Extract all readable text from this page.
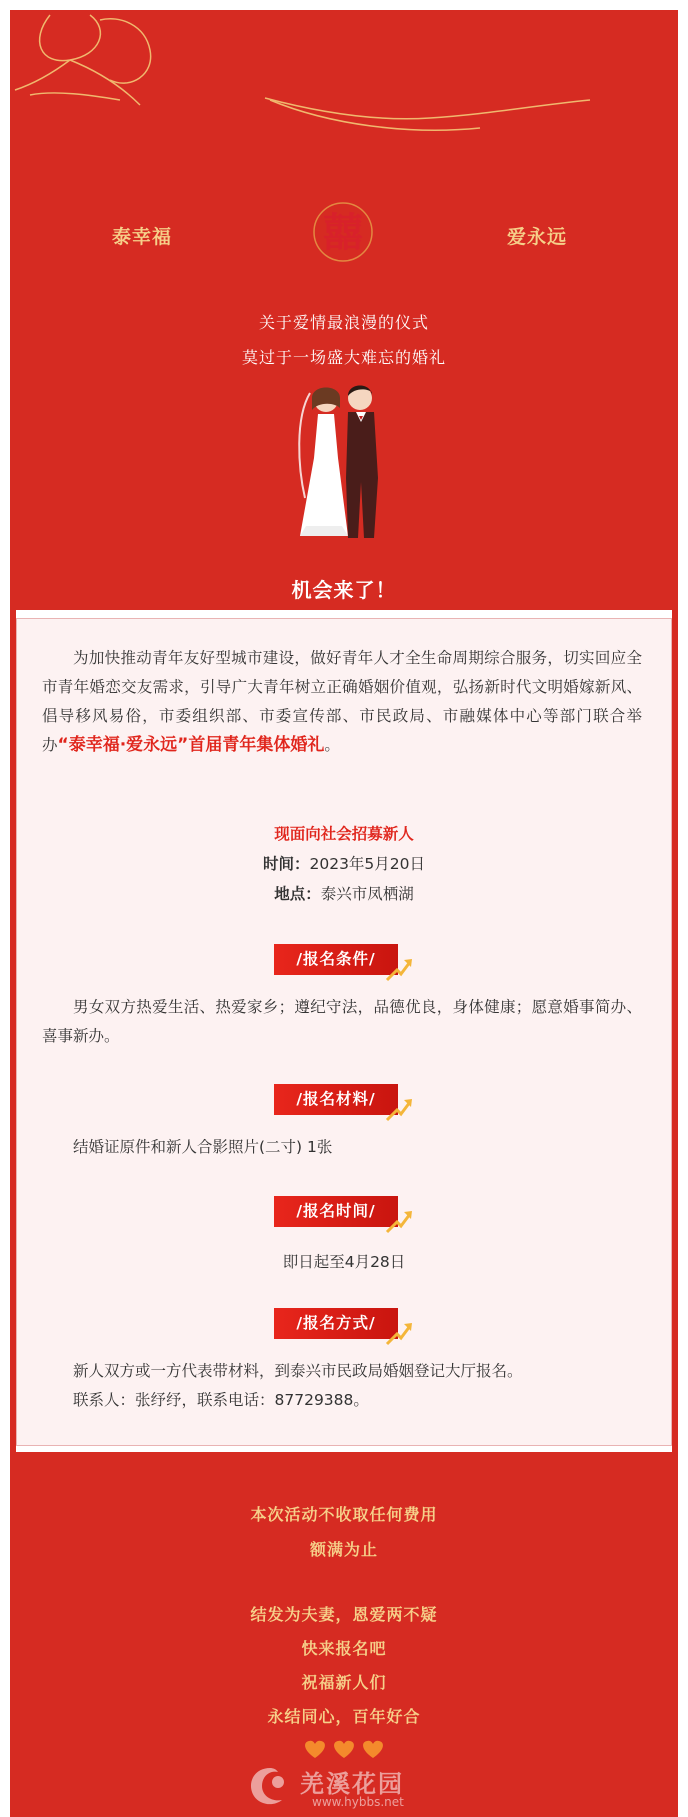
泰幸福	爱永远
囍
关于爱情最浪漫的仪式
莫过于一场盛大难忘的婚礼
机会来了！
为加快推动青年友好型城市建设，做好青年人才全生命周期综合服务，切实回应全市青年婚恋交友需求，引导广大青年树立正确婚姻价值观，弘扬新时代文明婚嫁新风、倡导移风易俗，市委组织部、市委宣传部、市民政局、市融媒体中心等部门联合举办“泰幸福·爱永远”首届青年集体婚礼。
现面向社会招募新人
时间：2023年5月20日
地点：泰兴市凤栖湖
/报名条件/
男女双方热爱生活、热爱家乡；遵纪守法，品德优良，身体健康；愿意婚事简办、喜事新办。
/报名材料/
结婚证原件和新人合影照片(二寸) 1张
/报名时间/
即日起至4月28日
/报名方式/
新人双方或一方代表带材料，到泰兴市民政局婚姻登记大厅报名。
联系人：张纾纾，联系电话：87729388。
本次活动不收取任何费用
额满为止
结发为夫妻，恩爱两不疑
快来报名吧
祝福新人们
永结同心，百年好合
羌溪花园
www.hybbs.net
